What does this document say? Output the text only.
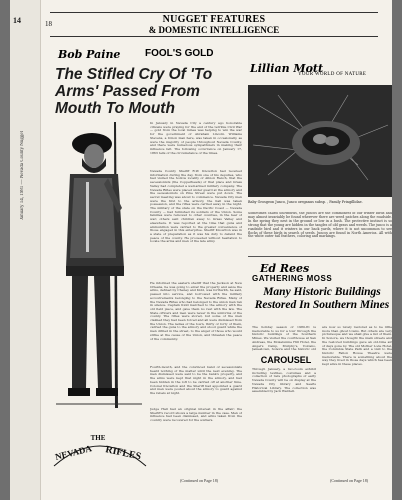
14
January 14, 1981 — Nevada County Nugget
18	NUGGET FEATURES
& DOMESTIC INTELLIGENCE
Bob Paine FOOL'S GOLD
The Stifled Cry Of 'To Arms' Passed From Mouth To Mouth
THE
NEVADA RIFLES
In January in Nevada City a century ago honorable citizens were praying for the end of the terrible Civil War — gold from the local mines was helping to win the war for the government of Abraham Lincoln. Williams Stevens, a Union man here, was taken in occasionally, as were the majority of people throughout Nevada County, and there were numerous sympathizers in making their influence felt. The following occurrence on January 17, 1863 tells of the circumstance of the times.
Nevada County Sheriff R.W. Knowlton had received information during the day, from one of his deputies, who had visited the hollow locality of Albion Ranch, that the secessionists (the Copperheads) of that place and Grass Valley had completed a well-armed military company. The Nevada Rifles were placed under guard at the armory and the secessionists on Pine Street were put down. The secret meeting was about to commence. Nevada City men were the first to the armory, the hall was taken possession, and the rifles were carried away in the night. The military of the state on the Pacific Coast — Nevada County — had furnished its soldiers of the Union. Some families were removed to other counties, in the fear of war; others sent children away to Grass Valley and elsewhere. It was reported at the time that guns and ammunition were carried to the greater convenience of those engaged in this enterprise. Sheriff Knowlton was in a state of preparation as it was his duty to defend the peace of the county. He proceeded without hesitation to locate the arms and men of the late army.
He informed the eastern sheriff that the Jackson at New Orleans, he was going to enter the property and seize the arms, defined by Cheney and Kidd, was forthwith, he said, passed into service, and borrowed with the military accoutrements belonging to the Nevada Rifles. Many of the Nevada Rifles who had belonged to the union men ran in silence. Captain Kidd marched to the armory with the old field piece, and gave them no rest with the law. The State officers and men were never in the uniforms of the county. The rifles were stored, but some of the men claimed they had been forced and all were dismissed from the Union. The ladies of the town, thirty or forty of them, carried the guns to the armory and stood guard while the men drilled in the street, to the anger of those who would strike at the cause of the Union, and threaten the peace of the community.
Fourth-mouth, and the convinced band of secessionists heard nothing of the matter until the next evening. The men dismissed were said to be the bank's property, and the arms were kept that night in the armory, and had been hidden in the loft to be carried off at another time. Colonel Knowlton and the Sheriff had appointed a guard and men were posted about the armory to guard against the rebels at night.
Judge Hall had an original interest in the affair; the Sheriff's record shows a large number in the case. Men of influence had been dismissed, and arms taken from the country were recovered for the soldiers.
(Continued on Page 18)
Lillian Mott
YOUR WORLD OF NATURE
Baby Grosgeon Junco, Junco oreganus subsp. , Family Fringillidae.
Sometimes called Snowbirds, the Juncos are the commonest of our winter birds and may almost invariably be found wherever there are weed patches along the roadside. In the spring they nest in the ground or low in a bush. The protective instinct is so strong that the young are hidden in the tangles of old grass and weeds. The junco is a roadside bird and it winters in our back yards, where it is not uncommon to see flocks of these birds in search of seeds. Juncos are found in North America. All with the white outer tail feathers, coloring and markings.
Ed Rees
GATHERING MOSS
Many Historic Buildings Restored In Southern Mines
The holiday season of 1980-81 is memorable to us for a tour through the historic buildings of the Southern Mines. We visited the courthouse at San Andreas, the Mokelumne Hill Hotel, the Angel's Camp, Murphy's, Volcano, Jamestown, Sonora and the historic old
CAROUSEL
Through January, a two-room exhibit including textiles, costumes and a collection of rare photographs of early Nevada County will be on display at the Nevada City library and Searls Historical Library. The collection was assembled by Jack Wardell.
are now so nicely restored as to be little more than ghost towns. But others are very picturesque and we shall give a list of them. In Sonora, we thought the main streets and the restored buildings gave an old-time air of days gone by. The old Mother Lode Hotel, the Columbia State Park and a visit to the historic Fallon House Theatre were memorable. There is something about the way they lived in those days which has been kept alive in these places.
(Continued on Page 18)
